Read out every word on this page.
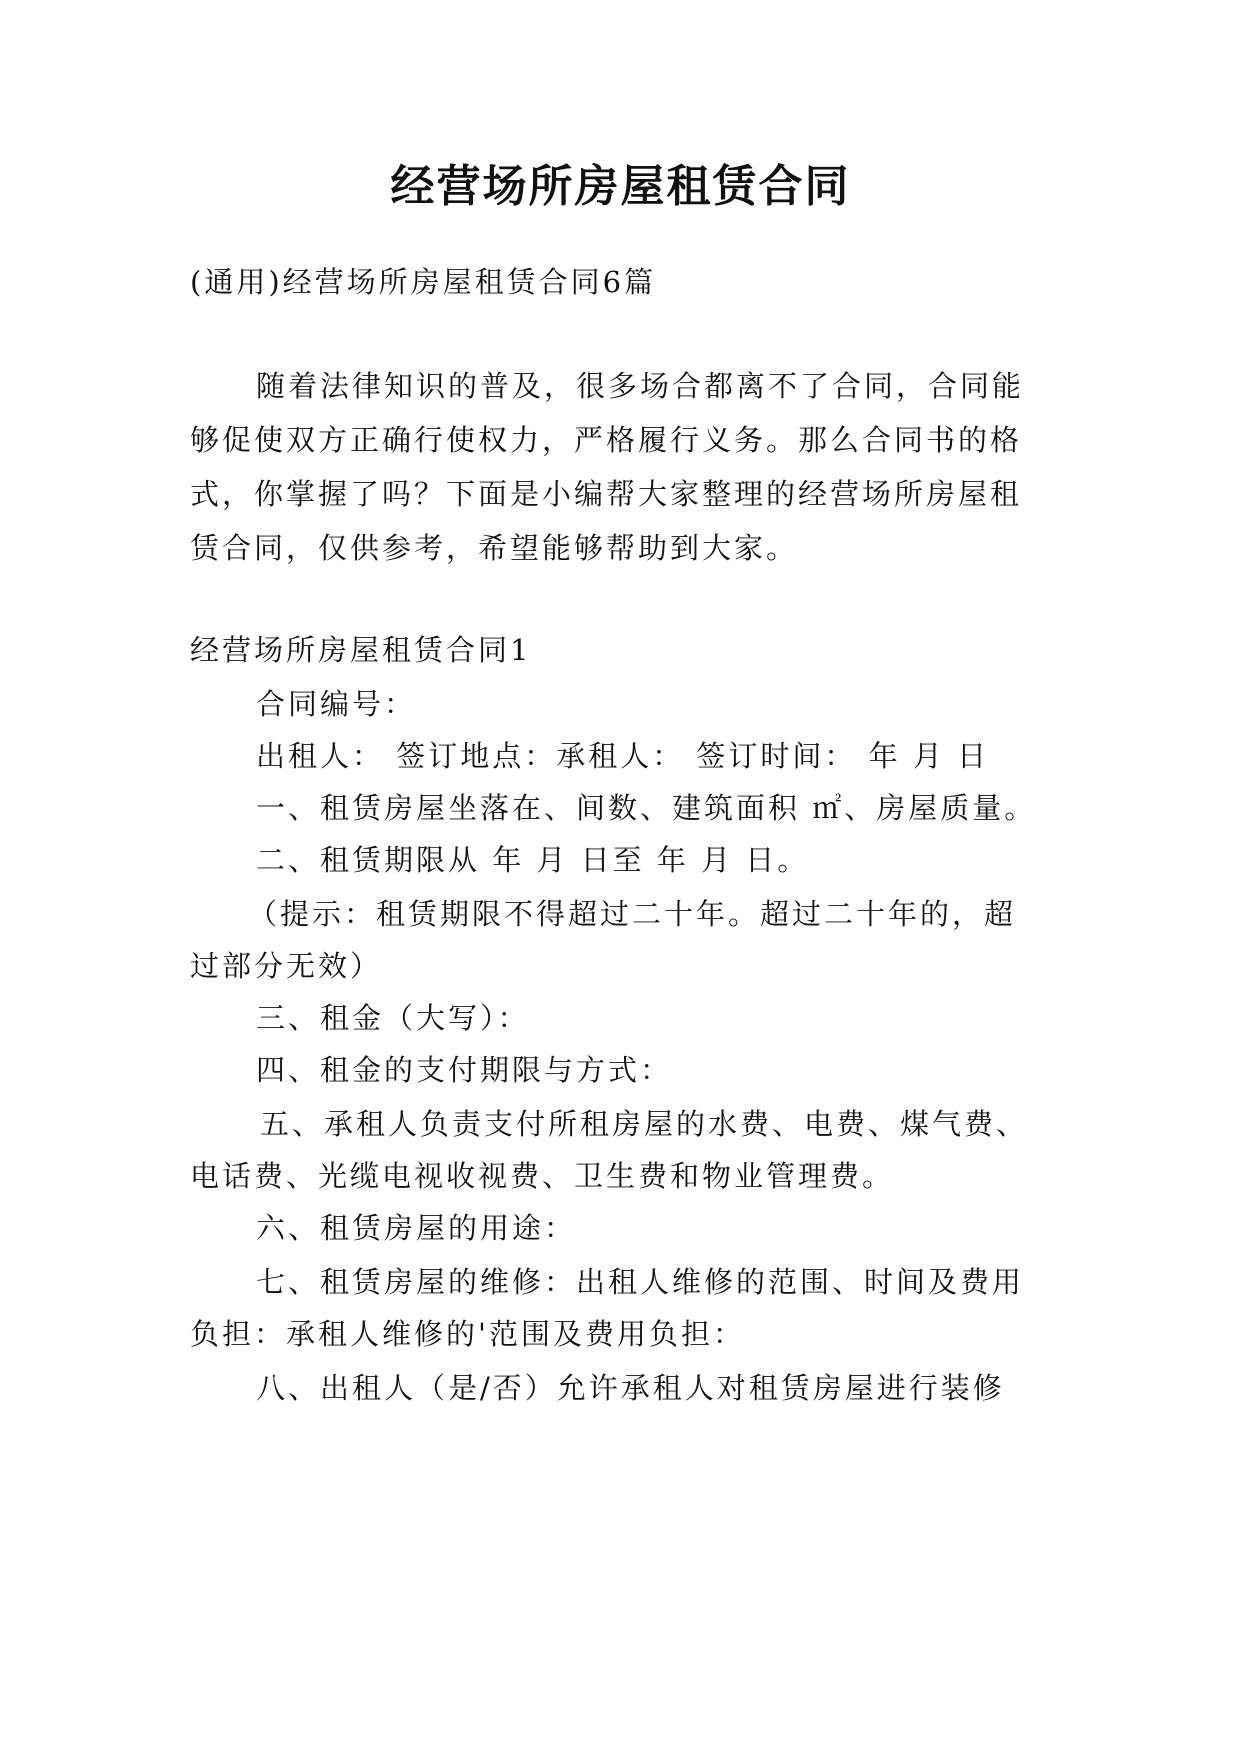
经营场所房屋租赁合同
(通用)经营场所房屋租赁合同6篇
随着法律知识的普及，很多场合都离不了合同，合同能
够促使双方正确行使权力，严格履行义务。那么合同书的格
式，你掌握了吗？下面是小编帮大家整理的经营场所房屋租
赁合同，仅供参考，希望能够帮助到大家。
经营场所房屋租赁合同1
合同编号：
出租人： 签订地点：承租人： 签订时间： 年 月 日
一、租赁房屋坐落在、间数、建筑面积 ㎡、房屋质量。
二、租赁期限从 年 月 日至 年 月 日。
（提示：租赁期限不得超过二十年。超过二十年的，超
过部分无效）
三、租金（大写）：
四、租金的支付期限与方式：
五、承租人负责支付所租房屋的水费、电费、煤气费、
电话费、光缆电视收视费、卫生费和物业管理费。
六、租赁房屋的用途：
七、租赁房屋的维修：出租人维修的范围、时间及费用
负担：承租人维修的'范围及费用负担：
八、出租人（是/否）允许承租人对租赁房屋进行装修
